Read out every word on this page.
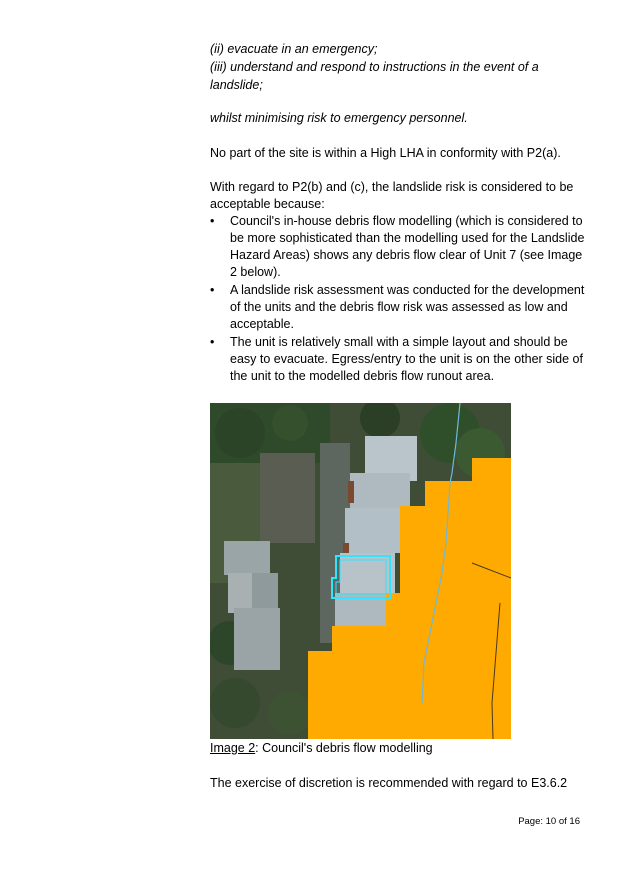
(ii) evacuate in an emergency;
(iii) understand and respond to instructions in the event of a
landslide;
whilst minimising risk to emergency personnel.
No part of the site is within a High LHA in conformity with P2(a).
With regard to P2(b) and (c), the landslide risk is considered to be
acceptable because:
• Council's in-house debris flow modelling (which is considered to be more sophisticated than the modelling used for the Landslide Hazard Areas) shows any debris flow clear of Unit 7 (see Image 2 below).
• A landslide risk assessment was conducted for the development of the units and the debris flow risk was assessed as low and acceptable.
• The unit is relatively small with a simple layout and should be easy to evacuate. Egress/entry to the unit is on the other side of the unit to the modelled debris flow runout area.
Image 2: Council's debris flow modelling
The exercise of discretion is recommended with regard to E3.6.2
Page: 10 of 16
